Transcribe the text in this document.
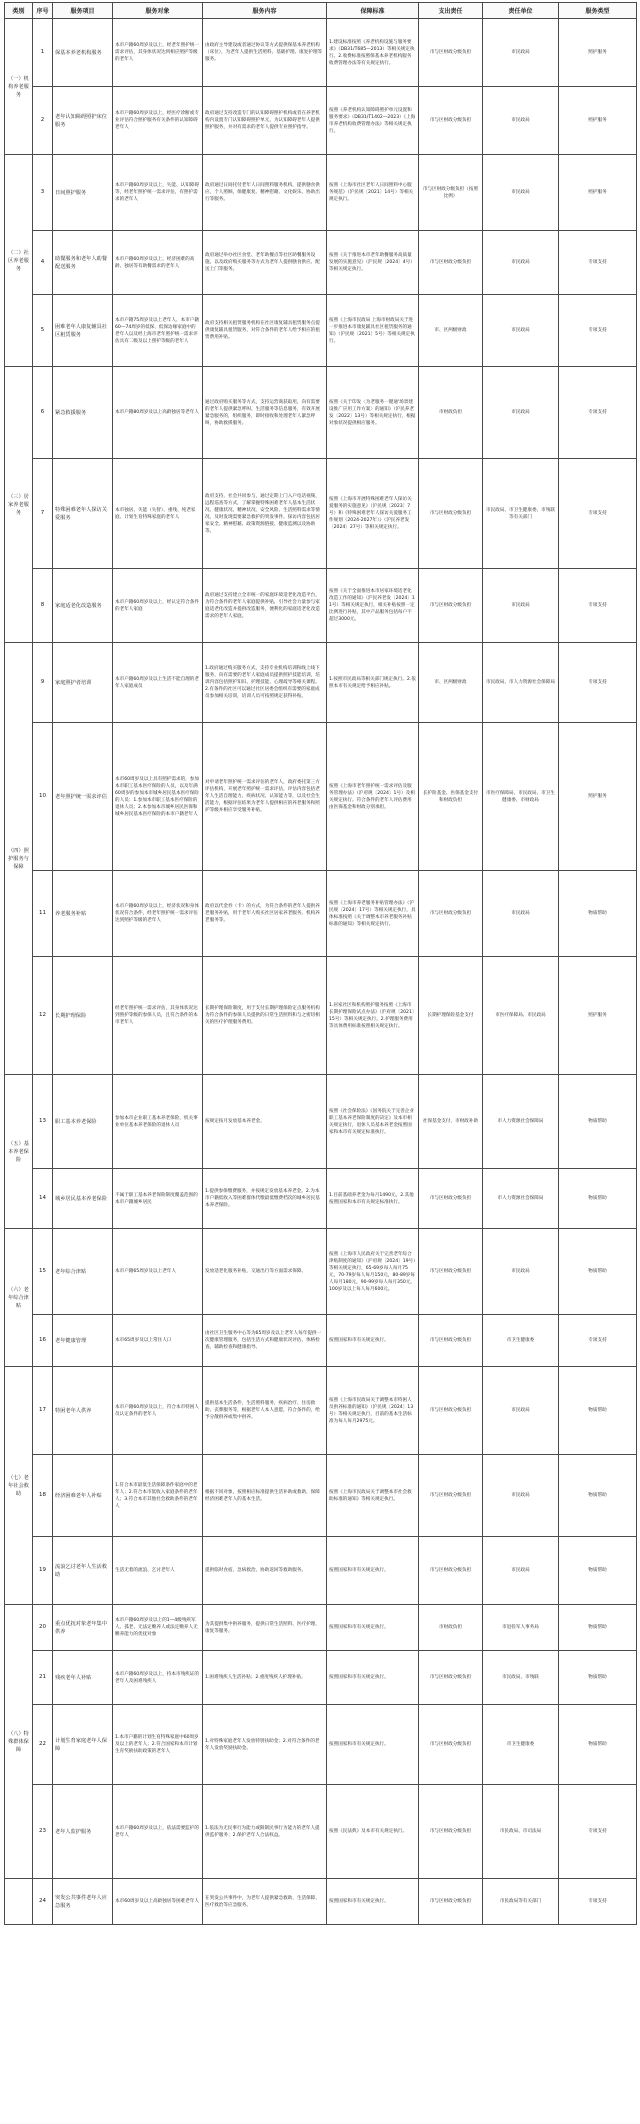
类别	序号	服务项目	服务对象	服务内容	保障标准	支出责任	责任单位	服务类型
（一）机构养老服务	1	保基本养老机构服务	本市户籍60周岁及以上，经老年照护统一需求评估，其身体状况达到相应照护等级的老年人	由政府主导建设或者通过协议等方式提供保基本养老机构（床位），为老年人提供生活照料、基础护理、康复护理等服务。	1.建设标准按照《养老机构设施与服务要求》（DB31/T685—2013）等相关规定执行。2.收费标准按照保基本养老机构服务收费管理办法等有关规定执行。	市与区财政分级负担	市民政局	照护服务
	2	老年认知障碍照护床位服务	本市户籍60周岁及以上，经医疗诊断或专业评估符合照护服务有关条件的认知障碍老年人	政府通过支持改造专门的认知障碍照护机构或者在养老机构内设置专门认知障碍照护单元，为认知障碍老年人提供照护服务，并对有需求的老年人提供专业照护指导。	按照《养老机构认知障碍照护单元设置和服务要求》（DB31/T1402—2023）《上海市养老机构收费管理办法》等相关规定执行。	市与区财政分级负担	市民政局	照护服务
（二）社区养老服务	3	日间照护服务	本市户籍60周岁及以上，失能、认知障碍等，经老年照护统一需求评估，有照护需求的老年人	政府通过日间托付老年人日间照料服务机构，提供膳食供应、个人照顾、保健康复、精神慰藉、文化娱乐、协助出行等服务。	按照《上海市社区老年人日间照料中心服务规范》（沪民规〔2021〕14号）等相关规定执行。	市与区财政分级负担（按照比例）	市民政局	照护服务
	4	助餐服务和老年人助餐配送服务	本市户籍60周岁及以上，经济困难的高龄、独居等有助餐需求的老年人	政府通过举办社区食堂、老年助餐点等社区助餐服务设施，以及政府购买服务等方式为老年人提供膳食供应、配送上门等服务。	按照《关于推进本市老年助餐服务高质量发展的实施意见》（沪民规〔2024〕4号）等相关规定执行。	市与区财政分级负担	市民政局	专项支持
	5	困难老年人康复辅具社区租赁服务	本市户籍75周岁及以上老年人、本市户籍60—74周岁的低保、低保边缘家庭中的老年人以及经上海市老年照护统一需求评估具有二级及以上照护等级的老年人	政府支持相关租赁服务机构在社区康复辅具租赁服务点提供康复辅具租赁服务，对符合条件的老年人给予相应的租赁费用补贴。	按照《上海市民政局 上海市财政局关于进一步推进本市康复辅具社区租赁服务的通知》（沪民规〔2021〕5号）等相关规定执行。	市、区两级财政	市民政局	专项支持
（三）居家养老服务	6	紧急救援服务	本市户籍80周岁及以上高龄独居等老年人	通过政府购买服务等方式，支持运营商获取用，向有需要的老年人提供紧急呼叫、生活服务等信息服务，有效开展紧急服务的，组织服务，即时接收和处理老年人紧急呼叫，协助救援服务。	按照《关于印发〈为老服务一键通'场景建设推广应用工作方案〉的通知》（沪民养老发〔2022〕13号）等相关规定执行，根据对象状况提供相应服务。	市财政负担	市民政局	专项支持
	7	特殊困难老年人探访关爱服务	本市独居、失能（失智）、重残、纯老家庭、计划生育特殊家庭的老年人	政府支持，社会共同参与，通过定期上门入户电话视频，远程巡查等方式，了解掌握特殊困难老年人基本生活状况、健康状况、精神状况、安全风险、生活照料需求等情况，及时发现需要紧急救护的突发事件。探访内容包括居家安全、精神慰藉、政策资源链接、健康监测以及协助等。	按照《上海市开展特殊困难老年人探访关爱服务的实施意见》（沪民规〔2023〕7号）和《特殊困难老年人探访关爱服务工作规划（2024-2027年）》（沪民养老发〔2024〕27号）等相关规定执行。	市与区财政分级负担	市民政局、市卫生健康委、市残联等有关部门	专项支持
	8	家庭适老化改造服务	本市户籍60周岁及以上，经认定符合条件的老年人家庭	政府通过支持建立全市统一的家庭环境适老化改造平台，为符合条件的老年人家庭提供补贴，引导社会力量参与家庭适老化改造并提供改造服务，便利化的家庭适老化改造需求的老年人家庭。	按照《关于全面推进本市居家环境适老化改造工作的通知》（沪民养老发〔2024〕11号）等相关规定执行，相关补贴按照一定比例进行补贴，其中产品服务包括每户不超过3000元。	市与区财政分级负担	市民政局	专项支持
（四）照护服务与保障	9	家庭照护者培训	本市户籍60周岁及以上生活不能自理的老年人家庭成员	1.政府通过购买服务方式，支持专业机构培训和线上线下服务，向有需要的老年人家庭成员提供照护技能培训，培训内容包括照护知识、护理技能、心理疏导等相关课程。2.有条件的社区可以通过社区居委会组织有需要的家庭成员参加相关培训，培训人员可按照规定获得补贴。	1.按照市民政局等相关部门规定执行。2.依照本市有关规定给予相应补贴。	市、区两级财政	市民政局、市人力资源社会保障局	专项支持
	10	老年照护统一需求评估	本市60周岁及以上具有照护需求的，参加本市职工基本医疗保险的人员，以及年满60周岁的参加本市城乡居民基本医疗保险的人员：1.参加本市职工基本医疗保险的退休人员；2.本参加本市城乡居民医保和城乡居民基本医疗保险的本市户籍老年人	对申请老年照护统一需求评估的老年人，政府委托第三方评估机构，开展老年照护统一需求评估，评估内容包括老年人生活自理能力、疾病状况、认知能力等，以及社会生活能力，根据评估结果为老年人提供相应的养老服务和照护等级并相应享受服务补贴。	按照《上海市老年照护统一需求评估及服务管理办法》（沪府规〔2024〕1号）及相关规定执行。符合条件的老年人评估费用由医保基金和财政分别承担。	长护险基金、医保基金支付和财政负担	市医疗保障局、市民政局、市卫生健康委、市财政局	照护服务
	11	养老服务补贴	本市户籍60周岁及以上，经济状况和身体状况符合条件，经老年照护统一需求评估达到照护等级的老年人	政府以代金券（卡）的方式，为符合条件的老年人提供养老服务补贴，用于老年人购买社区居家养老服务、机构养老服务等。	按照《上海市养老服务补贴管理办法》（沪民规〔2024〕17号）等相关规定执行，具体标准按照《关于调整本市养老服务补贴标准的通知》等相关规定执行。	市与区财政分级负担	市民政局	物质帮助
	12	长期护理保险	经老年照护统一需求评估，其身体状况达到照护等级的参保人员，且符合条件的本市老年人	长期护理保险制度，用于支付长期护理保险定点服务机构为符合条件的参保人员提供的日常生活照料和与之密切相关的医疗护理服务费用。	1.居家社区和机构照护服务按照《上海市长期护理保险试点办法》（沪府规〔2021〕15号）等相关规定执行。2.护理服务费用等具体费用标准按照相关规定执行。	长期护理保险基金支付	市医疗保障局、市民政局	照护服务
（五）基本养老保险	13	职工基本养老保险	参加本市企业职工基本养老保险，机关事业单位基本养老保险的退休人员	按规定按月发放基本养老金。	按照《社会保险法》《国务院关于完善企业职工基本养老保险制度的决定》及本市相关规定执行，退休人员基本养老金按照国家和本市有关规定标准执行。	社保基金支付，市财政补助	市人力资源社会保障局	物质帮助
	14	城乡居民基本养老保险	不属于职工基本养老保险制度覆盖范围的本市户籍城乡居民	1.提供参保缴费服务，并按规定发放基本养老金。2.为本市户籍低收入等困难群体代缴最低缴费档次的城乡居民基本养老保险。	1.目前基础养老金为每月1490元。2.其他按照国家和本市有关规定标准执行。	市与区财政分级负担	市人力资源社会保障局	物质帮助
（六）老年综合津贴	15	老年综合津贴	本市户籍65周岁及以上老年人	发放适老化服务补贴，交通出行等方面需求保障。	按照《上海市人民政府关于完善老年综合津贴制度的通知》（沪府规〔2024〕19号）等相关规定执行，65-69岁每人每月75元，70-79岁每人每月150元，80-89岁每人每月180元，90-99岁每人每月350元，100岁及以上每人每月600元。	市与区财政分级负担	市民政局	物质帮助
	16	老年健康管理	本市65周岁及以上常住人口	由社区卫生服务中心等为65周岁及以上老年人每年提供一次健康管理服务，包括生活方式和健康状况评估、体格检查、辅助检查和健康指导。	按照国家和市有关规定执行。	市与区财政分级负担	市卫生健康委	专项支持
（七）老年社会救助	17	特困老年人供养	本市户籍60周岁及以上，符合本市特困人员认定条件的老年人	提供基本生活条件，生活照料服务，疾病治疗、住房救助、丧葬服务等，根据老年人本人意愿，符合条件的，给予分散供养或集中供养。	按照《上海市民政局关于调整本市特困人员供养标准的通知》（沪民规〔2024〕13号）等相关规定执行，目前的基本生活标准为每人每月2975元。	市与区财政分级负担	市民政局	物质帮助
	18	经济困难老年人补贴	1.符合本市最低生活保障条件家庭中的老年人；2.符合本市低收入家庭条件的老年人；3.符合本市其他社会救助条件的老年人	根据不同对象，按照相应标准提供生活补助或救助，保障经济困难老年人的基本生活。	按照《上海市民政局关于调整本市社会救助标准的通知》等相关规定执行。	市与区财政分级负担	市民政局	物质帮助
	19	流浪乞讨老年人生活救助	生活无着的流浪、乞讨老年人	提供临时食宿、急病救治、协助返回等救助服务。	按照国家和市有关规定执行。	市与区财政分级负担	市民政局	物质帮助
（八）特殊群体保障	20	重点优抚对象老年集中供养	本市户籍60周岁及以上的1—4级残疾军人、孤老、无法定赡养人或法定赡养人无赡养能力的优抚对象	为其提供集中供养服务，提供日常生活照料、医疗护理、康复等服务。	按照国家和市有关规定执行。	市财政负担	市退役军人事务局	物质帮助
	21	残疾老年人补贴	本市户籍60周岁及以上，持本市残疾证的老年人及困难残疾人	1.困难残疾人生活补贴；2.重度残疾人护理补贴。	按照国家和市有关规定执行。	市与区财政分级负担	市民政局、市残联	物质帮助
	22	计划生育家庭老年人保障	1.本市户籍的计划生育特殊家庭中60周岁及以上的老年人；2.符合国家和本市计划生育奖励扶助政策的老年人	1.对特殊家庭老年人发放特别扶助金；2.对符合条件的老年人发放奖励扶助金。	按照国家和市有关规定执行。	市与区财政分级负担	市卫生健康委	物质帮助
	23	老年人监护服务	本市户籍60周岁及以上，依法需要监护的老年人	1.依法为无民事行为能力或限制民事行为能力的老年人提供监护服务；2.保护老年人合法权益。	按照《民法典》及本市有关规定执行。	市与区财政分级负担	市民政局、市司法局	专项支持
	24	突发公共事件老年人应急服务	本市60周岁及以上高龄独居等困难老年人	在突发公共事件中，为老年人提供紧急救助、生活保障、医疗救治等应急服务。	按照国家和市有关规定执行。	市与区财政分级负担	市民政局等有关部门	专项支持
